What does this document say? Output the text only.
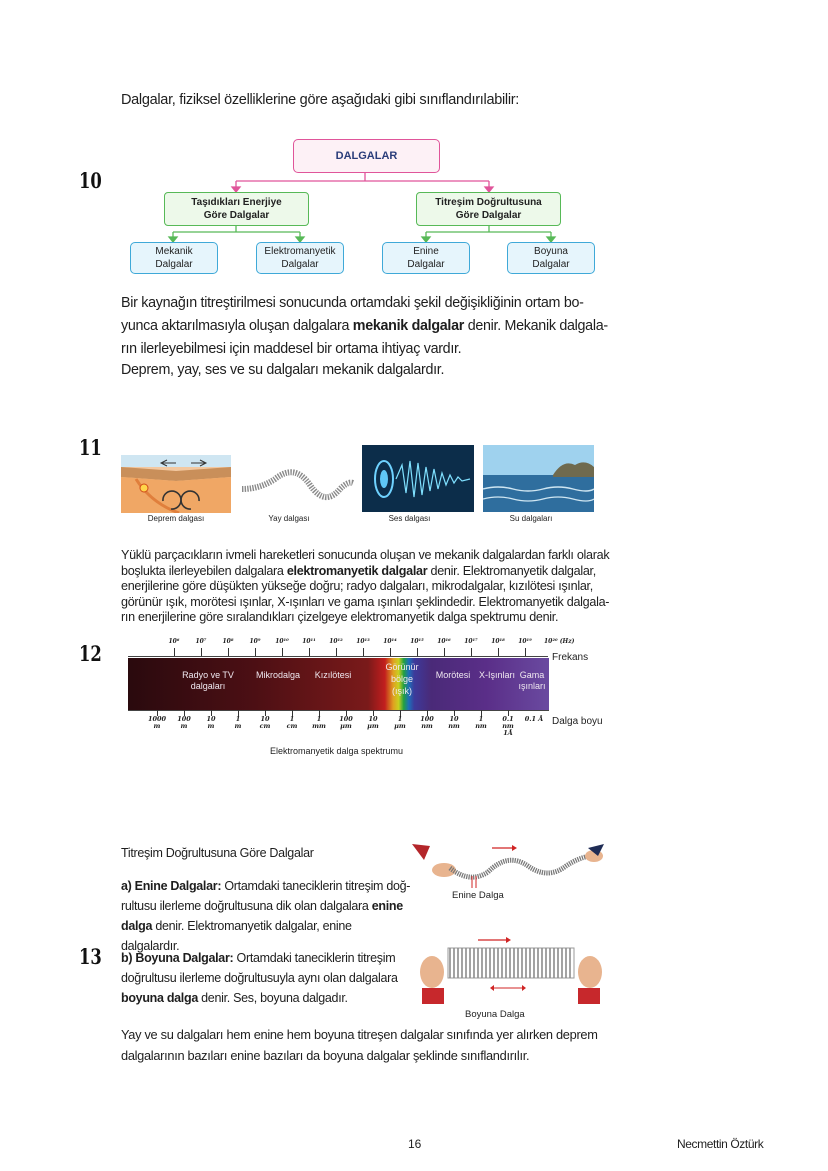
Dalgalar, fiziksel özelliklerine göre aşağıdaki gibi sınıflandırılabilir:
10
DALGALAR
Taşıdıkları Enerjiye
Göre Dalgalar
Titreşim Doğrultusuna
Göre Dalgalar
Mekanik
Dalgalar
Elektromanyetik
Dalgalar
Enine
Dalgalar
Boyuna
Dalgalar
Bir kaynağın titreştirilmesi sonucunda ortamdaki şekil değişikliğinin ortam bo-
yunca aktarılmasıyla oluşan dalgalara mekanik dalgalar denir. Mekanik dalgala-
rın ilerleyebilmesi için maddesel bir ortama ihtiyaç vardır.
Deprem, yay, ses ve su dalgaları mekanik dalgalardır.
11
Deprem dalgası	Yay dalgası	Ses dalgası	Su dalgaları
Yüklü parçacıkların ivmeli hareketleri sonucunda oluşan ve mekanik dalgalardan farklı olarak
boşlukta ilerleyebilen dalgalara elektromanyetik dalgalar denir. Elektromanyetik dalgalar,
enerjilerine göre düşükten yükseğe doğru; radyo dalgaları, mikrodalgalar, kızılötesi ışınlar,
görünür ışık, morötesi ışınlar, X-ışınları ve gama ışınları şeklindedir. Elektromanyetik dalgala-
rın enerjilerine göre sıralandıkları çizelgeye elektromanyetik dalga spektrumu denir.
12	10⁶	10⁷	10⁸	10⁹ 10¹⁰ 10¹¹ 10¹² 10¹³ 10¹⁴ 10¹⁵ 10¹⁶ 10¹⁷ 10¹⁸ 10¹⁹ 10²⁰ (Hz)
Frekans
Radyo ve TV
dalgaları
Mikrodalga	Kızılötesi
Görünür
bölge
(ışık)
Morötesi X-Işınları Gama
ışınları
1000
m
100
m
10
m
1
m
10
cm
1
cm
1
mm
100
µm
10
µm
1
µm
100
nm
10
nm
1
nm
0.1
nm
1Å
0.1 Å Dalga boyu
Elektromanyetik dalga spektrumu
Titreşim Doğrultusuna Göre Dalgalar
a) Enine Dalgalar: Ortamdaki taneciklerin titreşim doğ-
rultusu ilerleme doğrultusuna dik olan dalgalara enine
dalga denir. Elektromanyetik dalgalar, enine dalgalardır.
13 b) Boyuna Dalgalar: Ortamdaki taneciklerin titreşim
doğrultusu ilerleme doğrultusuyla aynı olan dalgalara
boyuna dalga denir. Ses, boyuna dalgadır.
Enine Dalga
Boyuna Dalga
Yay ve su dalgaları hem enine hem boyuna titreşen dalgalar sınıfında yer alırken deprem
dalgalarının bazıları enine bazıları da boyuna dalgalar şeklinde sınıflandırılır.
16	Necmettin Öztürk
